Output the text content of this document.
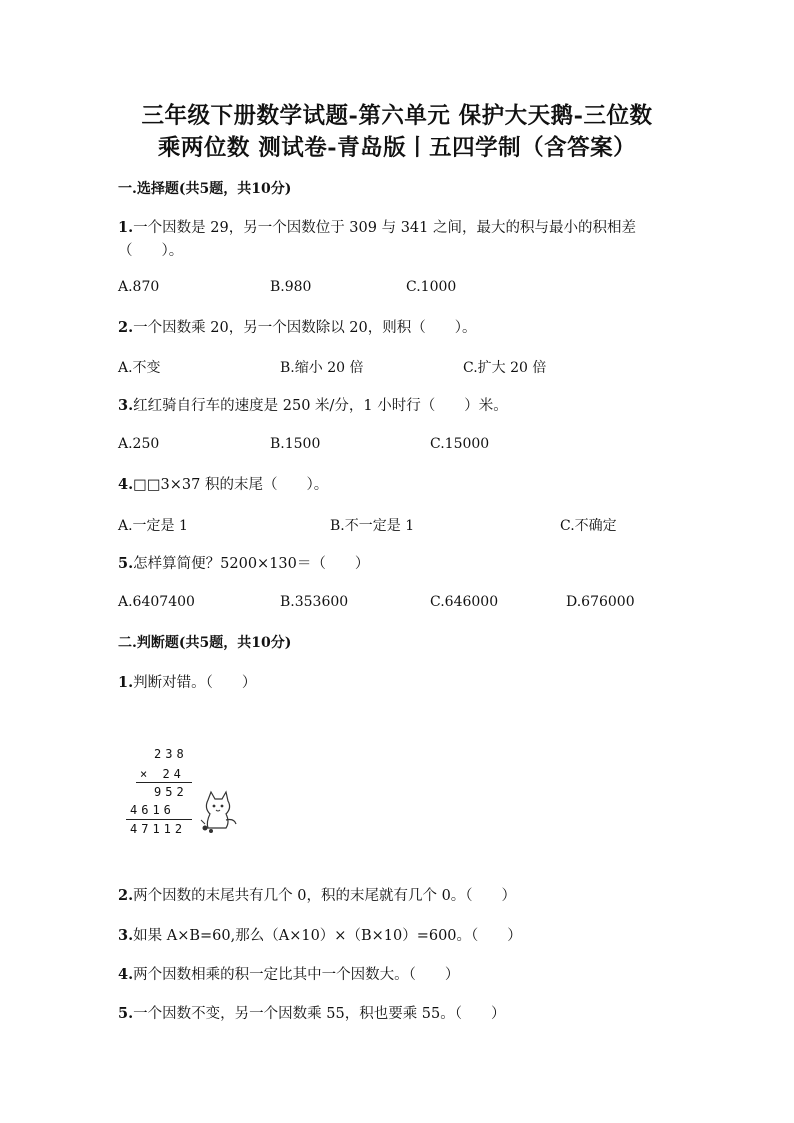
三年级下册数学试题-第六单元 保护大天鹅-三位数
乘两位数 测试卷-青岛版丨五四学制（含答案）
一.选择题(共5题，共10分)
1.一个因数是 29，另一个因数位于 309 与 341 之间，最大的积与最小的积相差（　　）。
A.870	B.980	C.1000
2.一个因数乘 20，另一个因数除以 20，则积（　　）。
A.不变	B.缩小 20 倍	C.扩大 20 倍
3.红红骑自行车的速度是 250 米/分，1 小时行（　　）米。
A.250	B.1500	C.15000
4.□□3×37 积的末尾（　　）。
A.一定是 1	B.不一定是 1	C.不确定
5.怎样算简便？5200×130＝（　　）
A.6407400	B.353600	C.646000	D.676000
二.判断题(共5题，共10分)
1.判断对错。（　　）
238
× 24
952
4616
47112
2.两个因数的末尾共有几个 0，积的末尾就有几个 0。（　　）
3.如果 A×B=60,那么（A×10）×（B×10）=600。（　　）
4.两个因数相乘的积一定比其中一个因数大。（　　）
5.一个因数不变，另一个因数乘 55，积也要乘 55。（　　）
